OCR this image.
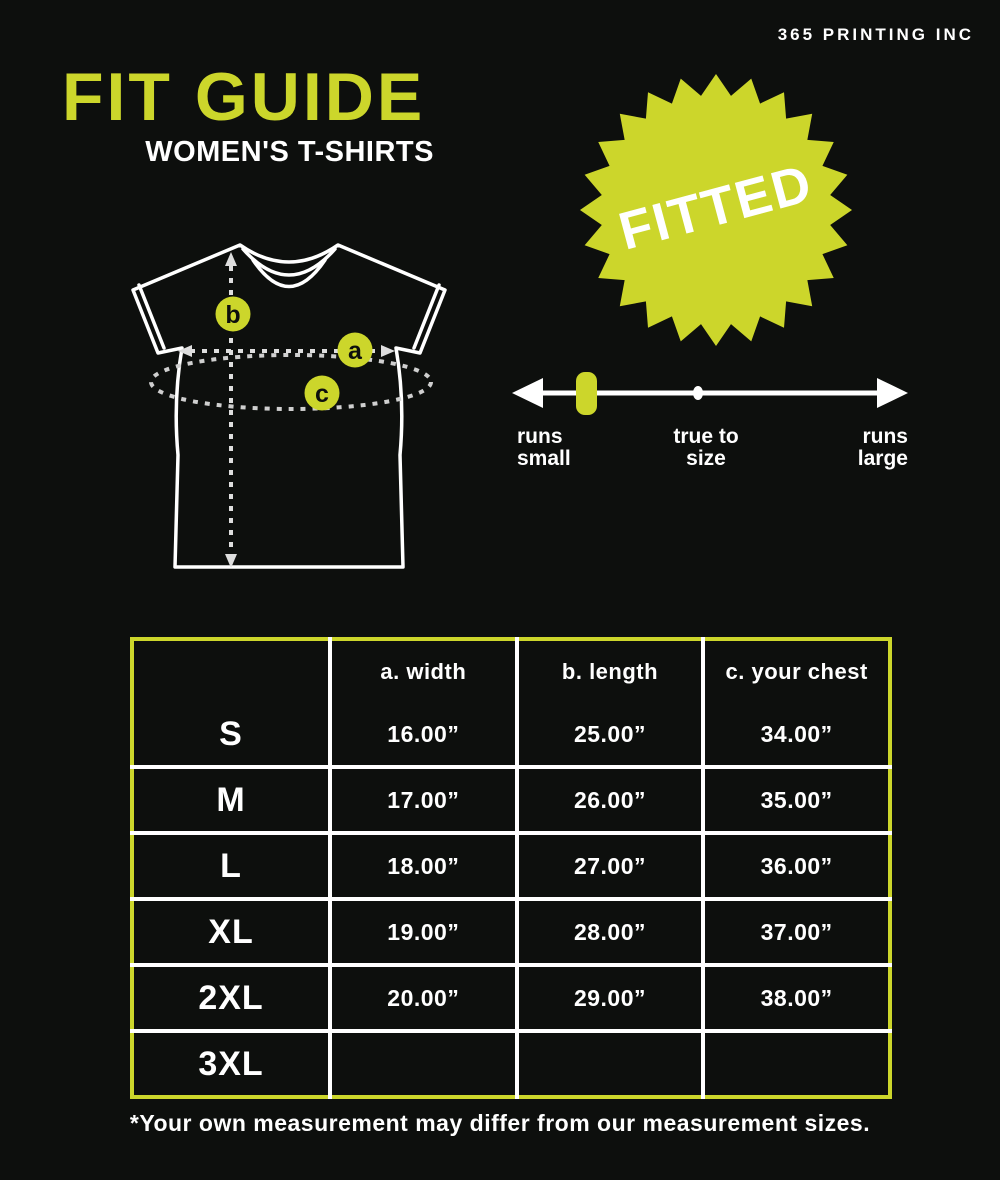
365 PRINTING INC
FIT GUIDE
WOMEN'S T-SHIRTS
FITTED
b
a
c
runs
small
true to
size
runs
large
	a. width	b. length	c. your chest
S	16.00”	25.00”	34.00”
M	17.00”	26.00”	35.00”
L	18.00”	27.00”	36.00”
XL	19.00”	28.00”	37.00”
2XL	20.00”	29.00”	38.00”
3XL			
*Your own measurement may differ from our measurement sizes.
